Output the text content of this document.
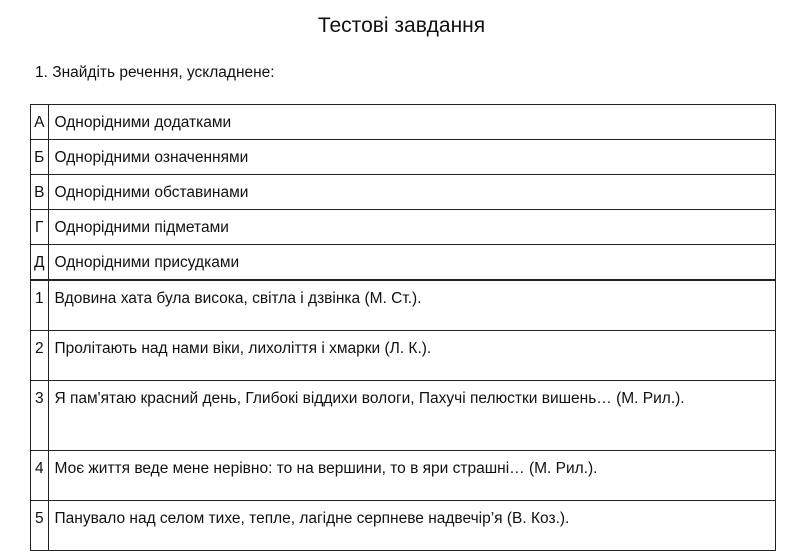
Тестові завдання
1. Знайдіть речення, ускладнене:
А	Однорідними додатками
Б	Однорідними означеннями
В	Однорідними обставинами
Г	Однорідними підметами
Д	Однорідними присудками
1	Вдовина хата була висока, світла і дзвінка (М. Ст.).
2	Пролітають над нами віки, лихоліття і хмарки (Л. К.).
3	Я пам'ятаю красний день, Глибокі віддихи вологи, Пахучі пелюстки вишень… (М. Рил.).
4	Моє життя веде мене нерівно: то на вершини, то в яри страшні… (М. Рил.).
5	Панувало над селом тихе, тепле, лагідне серпневе надвечір’я (В. Коз.).
